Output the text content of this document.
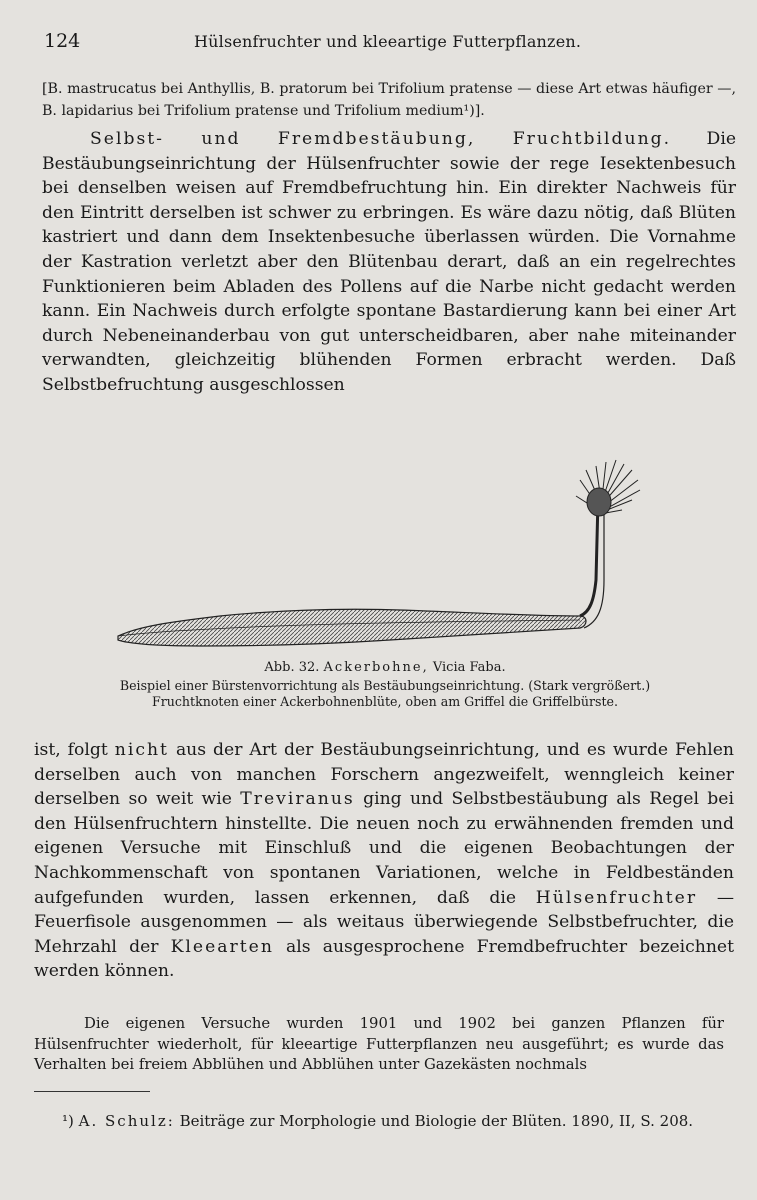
124	Hülsenfruchter und kleeartige Futterpflanzen.

[B. mastrucatus bei Anthyllis, B. pratorum bei Trifolium pratense — diese Art etwas häufiger —, B. lapidarius bei Trifolium pratense und Trifolium medium¹)].

Selbst- und Fremdbestäubung, Fruchtbildung. Die Bestäubungseinrichtung der Hülsenfruchter sowie der rege Iesektenbesuch bei denselben weisen auf Fremdbefruchtung hin. Ein direkter Nachweis für den Eintritt derselben ist schwer zu erbringen. Es wäre dazu nötig, daß Blüten kastriert und dann dem Insektenbesuche überlassen würden. Die Vornahme der Kastration verletzt aber den Blütenbau derart, daß an ein regelrechtes Funktionieren beim Abladen des Pollens auf die Narbe nicht gedacht werden kann. Ein Nachweis durch erfolgte spontane Bastardierung kann bei einer Art durch Nebeneinanderbau von gut unterscheidbaren, aber nahe miteinander verwandten, gleichzeitig blühenden Formen erbracht werden. Daß Selbstbefruchtung ausgeschlossen

Abb. 32. Ackerbohne, Vicia Faba.
Beispiel einer Bürstenvorrichtung als Bestäubungseinrichtung. (Stark vergrößert.)
Fruchtknoten einer Ackerbohnenblüte, oben am Griffel die Griffelbürste.

ist, folgt nicht aus der Art der Bestäubungseinrichtung, und es wurde Fehlen derselben auch von manchen Forschern angezweifelt, wenngleich keiner derselben so weit wie Treviranus ging und Selbstbestäubung als Regel bei den Hülsenfruchtern hinstellte. Die neuen noch zu erwähnenden fremden und eigenen Versuche mit Einschluß und die eigenen Beobachtungen der Nachkommenschaft von spontanen Variationen, welche in Feldbeständen aufgefunden wurden, lassen erkennen, daß die Hülsenfruchter — Feuerfisole ausgenommen — als weitaus überwiegende Selbstbefruchter, die Mehrzahl der Kleearten als ausgesprochene Fremdbefruchter bezeichnet werden können.

Die eigenen Versuche wurden 1901 und 1902 bei ganzen Pflanzen für Hülsenfruchter wiederholt, für kleeartige Futterpflanzen neu ausgeführt; es wurde das Verhalten bei freiem Abblühen und Abblühen unter Gazekästen nochmals

¹) A. Schulz: Beiträge zur Morphologie und Biologie der Blüten. 1890, II, S. 208.
